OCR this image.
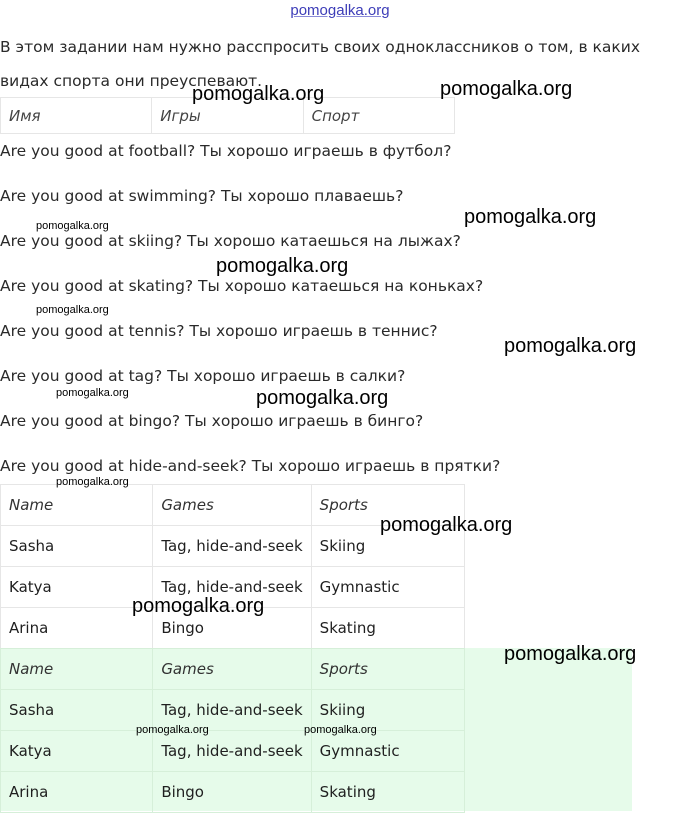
pomogalka.org
В этом задании нам нужно расспросить своих одноклассников о том, в каких видах спорта они преуспевают.
Имя	Игры	Спорт
Are you good at football? Ты хорошо играешь в футбол?
Are you good at swimming? Ты хорошо плаваешь?
Are you good at skiing? Ты хорошо катаешься на лыжах?
Are you good at skating? Ты хорошо катаешься на коньках?
Are you good at tennis? Ты хорошо играешь в теннис?
Are you good at tag? Ты хорошо играешь в салки?
Are you good at bingo? Ты хорошо играешь в бинго?
Are you good at hide-and-seek? Ты хорошо играешь в прятки?
Name	Games	Sports
Sasha	Tag, hide-and-seek	Skiing
Katya	Tag, hide-and-seek	Gymnastic
Arina	Bingo	Skating
Name	Games	Sports
Sasha	Tag, hide-and-seek	Skiing
Katya	Tag, hide-and-seek	Gymnastic
Arina	Bingo	Skating
pomogalka.org	pomogalka.org
pomogalka.org	pomogalka.org
pomogalka.org
pomogalka.org
pomogalka.org
pomogalka.org	pomogalka.org
pomogalka.org
pomogalka.org
pomogalka.org
pomogalka.org
pomogalka.org	pomogalka.org
